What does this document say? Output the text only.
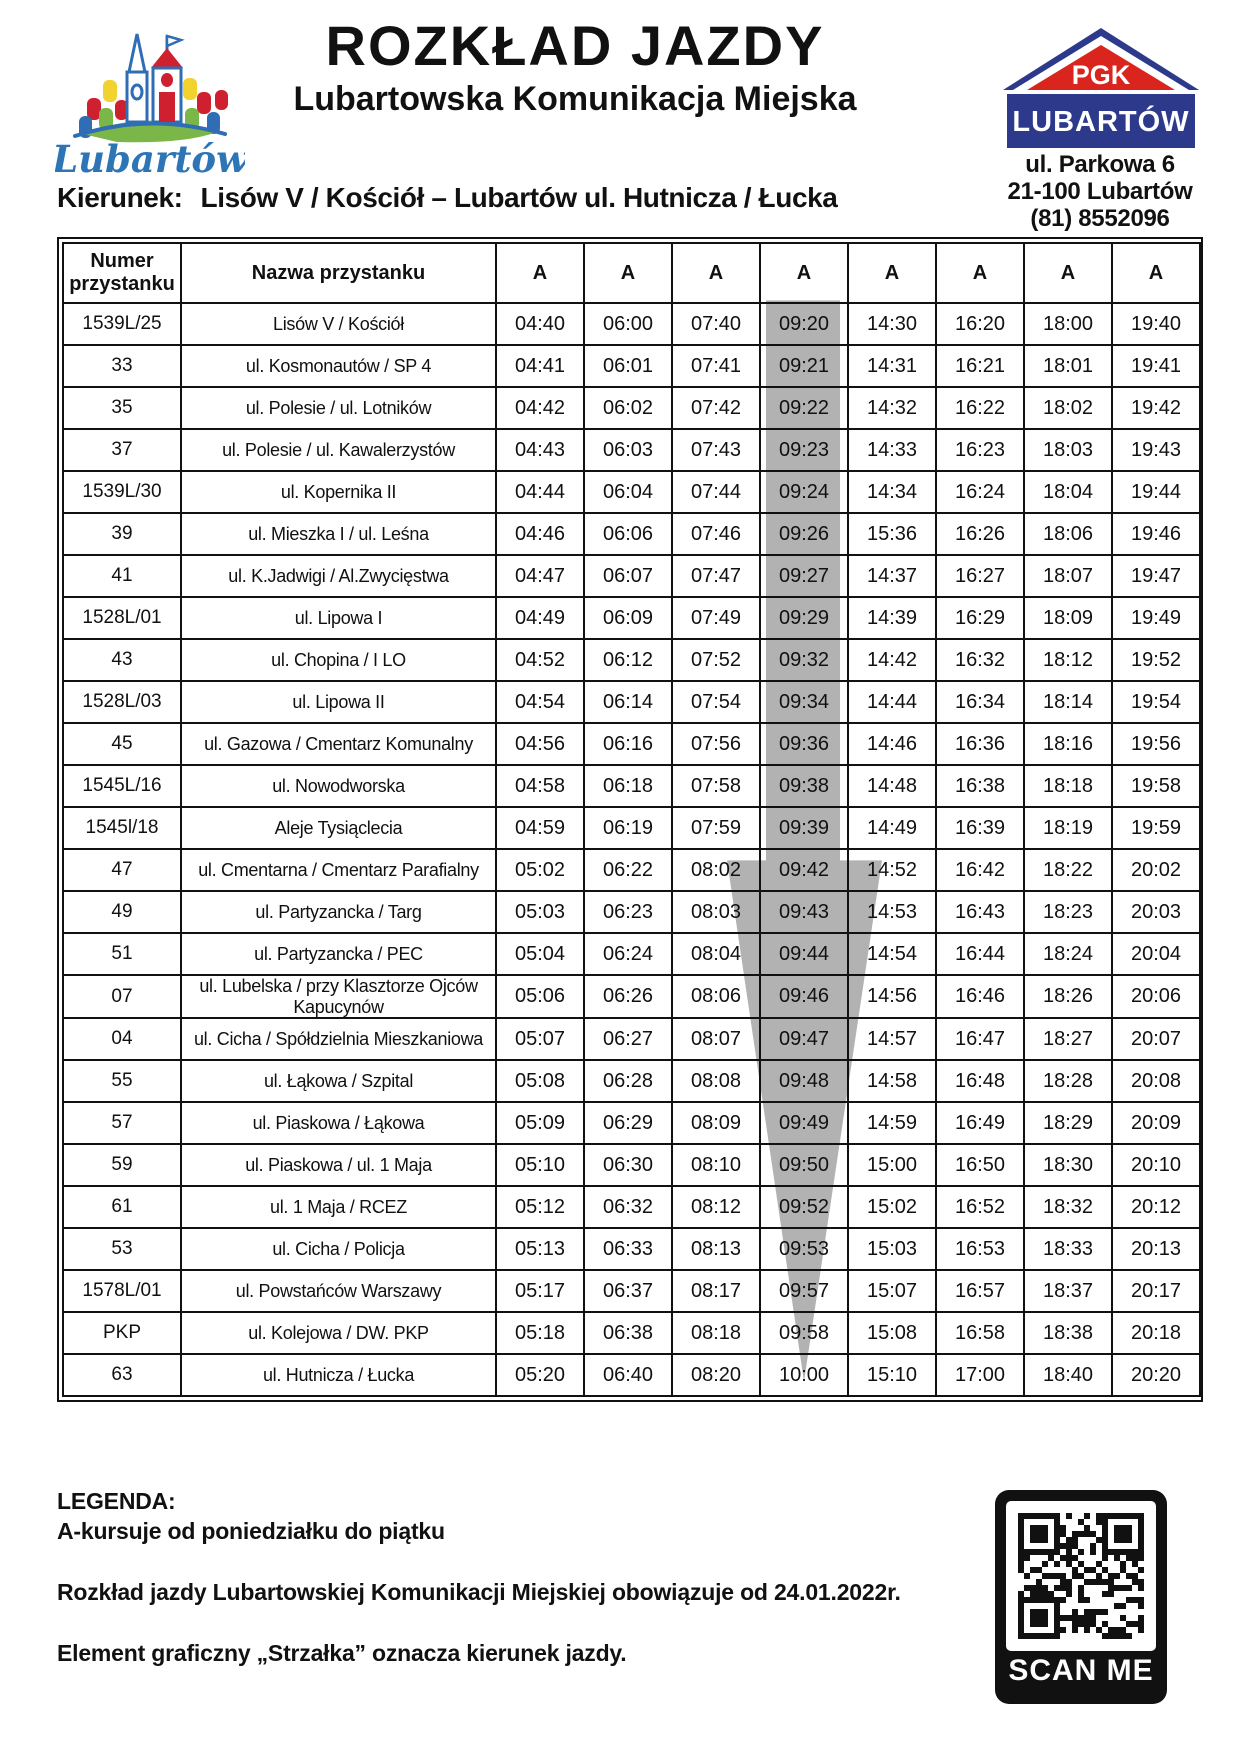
Lubartów
ROZKŁAD JAZDY
Lubartowska Komunikacja Miejska
PGK
LUBARTÓW
ul. Parkowa 6
21-100 Lubartów
(81) 8552096
Kierunek: Lisów V / Kościół – Lubartów ul. Hutnicza / Łucka
Numer przystanku	Nazwa przystanku	A	A	A	A	A	A	A	A
1539L/25	Lisów V / Kościół	04:40	06:00	07:40	09:20	14:30	16:20	18:00	19:40
33	ul. Kosmonautów / SP 4	04:41	06:01	07:41	09:21	14:31	16:21	18:01	19:41
35	ul. Polesie / ul. Lotników	04:42	06:02	07:42	09:22	14:32	16:22	18:02	19:42
37	ul. Polesie / ul. Kawalerzystów	04:43	06:03	07:43	09:23	14:33	16:23	18:03	19:43
1539L/30	ul. Kopernika II	04:44	06:04	07:44	09:24	14:34	16:24	18:04	19:44
39	ul. Mieszka I / ul. Leśna	04:46	06:06	07:46	09:26	15:36	16:26	18:06	19:46
41	ul. K.Jadwigi / Al.Zwycięstwa	04:47	06:07	07:47	09:27	14:37	16:27	18:07	19:47
1528L/01	ul. Lipowa I	04:49	06:09	07:49	09:29	14:39	16:29	18:09	19:49
43	ul. Chopina / I LO	04:52	06:12	07:52	09:32	14:42	16:32	18:12	19:52
1528L/03	ul. Lipowa II	04:54	06:14	07:54	09:34	14:44	16:34	18:14	19:54
45	ul. Gazowa / Cmentarz Komunalny	04:56	06:16	07:56	09:36	14:46	16:36	18:16	19:56
1545L/16	ul. Nowodworska	04:58	06:18	07:58	09:38	14:48	16:38	18:18	19:58
1545l/18	Aleje Tysiąclecia	04:59	06:19	07:59	09:39	14:49	16:39	18:19	19:59
47	ul. Cmentarna / Cmentarz Parafialny	05:02	06:22	08:02	09:42	14:52	16:42	18:22	20:02
49	ul. Partyzancka / Targ	05:03	06:23	08:03	09:43	14:53	16:43	18:23	20:03
51	ul. Partyzancka / PEC	05:04	06:24	08:04	09:44	14:54	16:44	18:24	20:04
07	ul. Lubelska / przy Klasztorze Ojców Kapucynów	05:06	06:26	08:06	09:46	14:56	16:46	18:26	20:06
04	ul. Cicha / Spółdzielnia Mieszkaniowa	05:07	06:27	08:07	09:47	14:57	16:47	18:27	20:07
55	ul. Łąkowa / Szpital	05:08	06:28	08:08	09:48	14:58	16:48	18:28	20:08
57	ul. Piaskowa / Łąkowa	05:09	06:29	08:09	09:49	14:59	16:49	18:29	20:09
59	ul. Piaskowa / ul. 1 Maja	05:10	06:30	08:10	09:50	15:00	16:50	18:30	20:10
61	ul. 1 Maja / RCEZ	05:12	06:32	08:12	09:52	15:02	16:52	18:32	20:12
53	ul. Cicha / Policja	05:13	06:33	08:13	09:53	15:03	16:53	18:33	20:13
1578L/01	ul. Powstańców Warszawy	05:17	06:37	08:17	09:57	15:07	16:57	18:37	20:17
PKP	ul. Kolejowa / DW. PKP	05:18	06:38	08:18	09:58	15:08	16:58	18:38	20:18
63	ul. Hutnicza / Łucka	05:20	06:40	08:20	10:00	15:10	17:00	18:40	20:20

LEGENDA:

A-kursuje od poniedziałku do piątku

Rozkład jazdy Lubartowskiej Komunikacji Miejskiej obowiązuje od 24.01.2022r.

Element graficzny „Strzałka” oznacza kierunek jazdy.

SCAN ME
